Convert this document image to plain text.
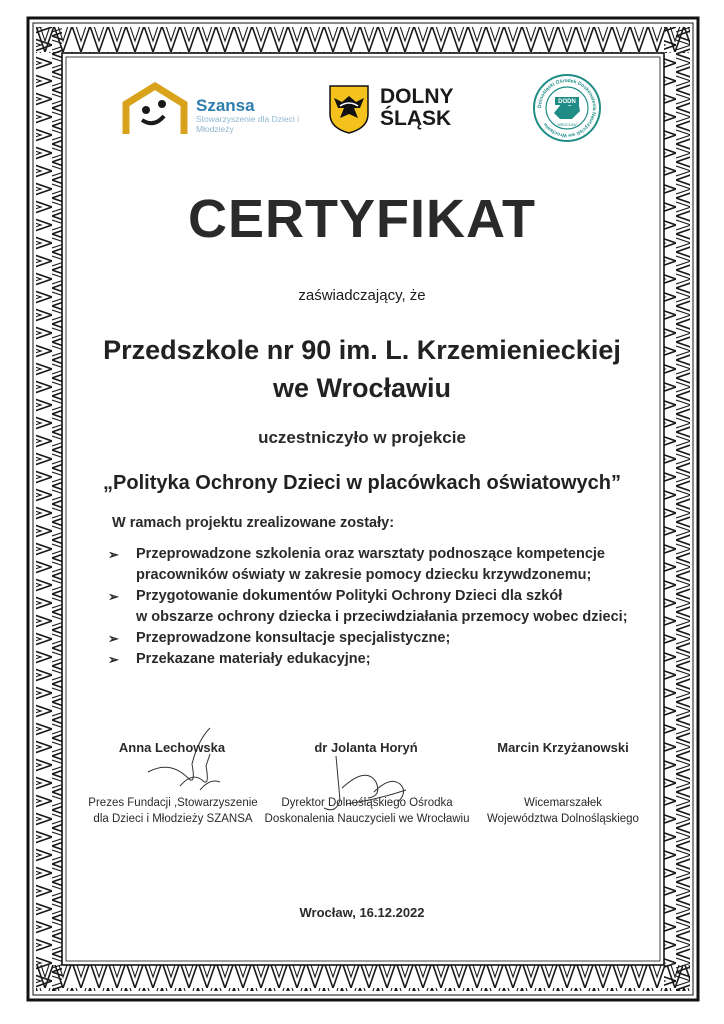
Szansa
Stowarzyszenie dla Dzieci i Młodzieży
DOLNY
ŚLĄSK
Dolnośląski Ośrodek Doskonalenia Nauczycieli we Wrocławiu
DODN
WROCŁAW
CERTYFIKAT
zaświadczający, że
Przedszkole nr 90 im. L. Krzemienieckiej
we Wrocławiu
uczestniczyło w projekcie
„Polityka Ochrony Dzieci w placówkach oświatowych”
W ramach projektu zrealizowane zostały:
➢ Przeprowadzone szkolenia oraz warsztaty podnoszące kompetencje
pracowników oświaty w zakresie pomocy dziecku krzywdzonemu;
➢ Przygotowanie dokumentów Polityki Ochrony Dzieci dla szkół
w obszarze ochrony dziecka i przeciwdziałania przemocy wobec dzieci;
➢ Przeprowadzone konsultacje specjalistyczne;
➢ Przekazane materiały edukacyjne;
Anna Lechowska	dr Jolanta Horyń	Marcin Krzyżanowski
Prezes Fundacji ,Stowarzyszenie
dla Dzieci i Młodzieży SZANSA
Dyrektor Dolnośląskiego Ośrodka
Doskonalenia Nauczycieli we Wrocławiu
Wicemarszałek
Województwa Dolnośląskiego
Wrocław, 16.12.2022
